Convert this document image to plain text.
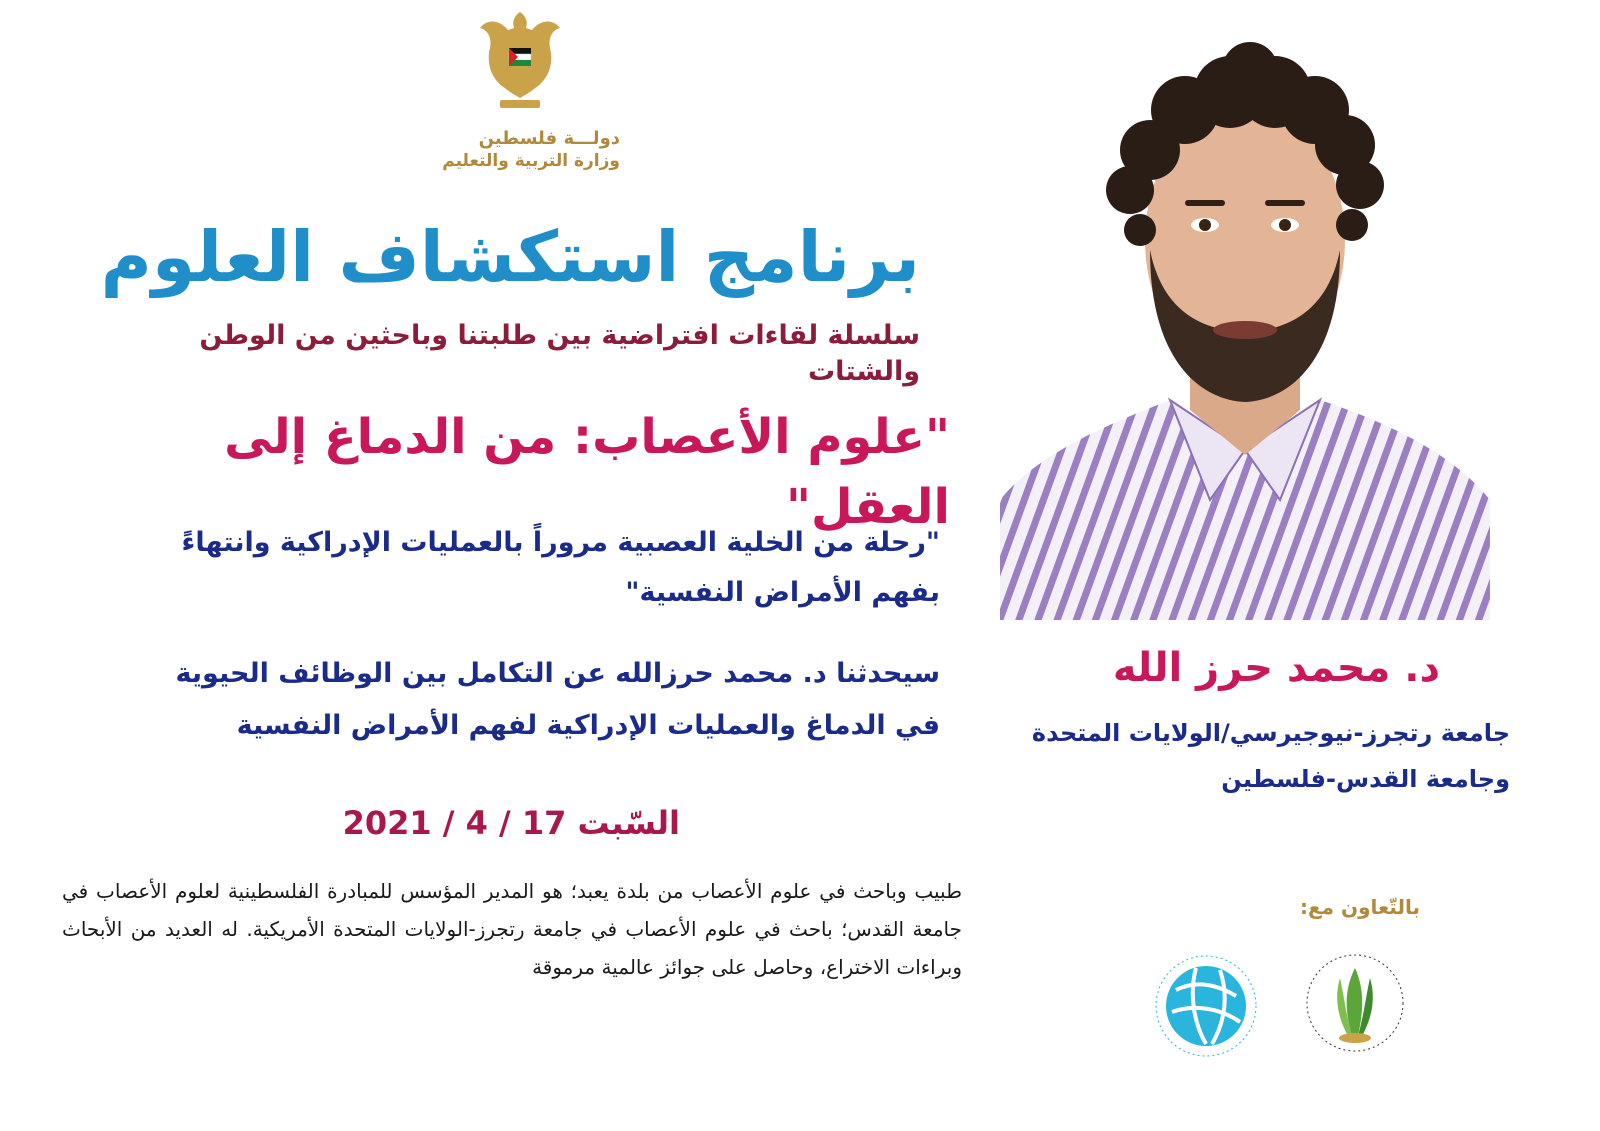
دولـــة فلسطين
وزارة التربية والتعليم
برنامج استكشاف العلوم
سلسلة لقاءات افتراضية بين طلبتنا وباحثين من الوطن والشتات
"علوم الأعصاب: من الدماغ إلى العقل"
"رحلة من الخلية العصبية مروراً بالعمليات الإدراكية وانتهاءً
بفهم الأمراض النفسية"
سيحدثنا د. محمد حرزالله عن التكامل بين الوظائف الحيوية
في الدماغ والعمليات الإدراكية لفهم الأمراض النفسية
السّبت 17 / 4 / 2021
طبيب وباحث في علوم الأعصاب من بلدة يعبد؛ هو المدير المؤسس للمبادرة الفلسطينية لعلوم الأعصاب في جامعة القدس؛ باحث في علوم الأعصاب في جامعة رتجرز-الولايات المتحدة الأمريكية. له العديد من الأبحاث وبراءات الاختراع، وحاصل على جوائز عالمية مرموقة
د. محمد حرز الله
جامعة رتجرز-نيوجيرسي/الولايات المتحدة
وجامعة القدس-فلسطين
بالتّعاون مع:
